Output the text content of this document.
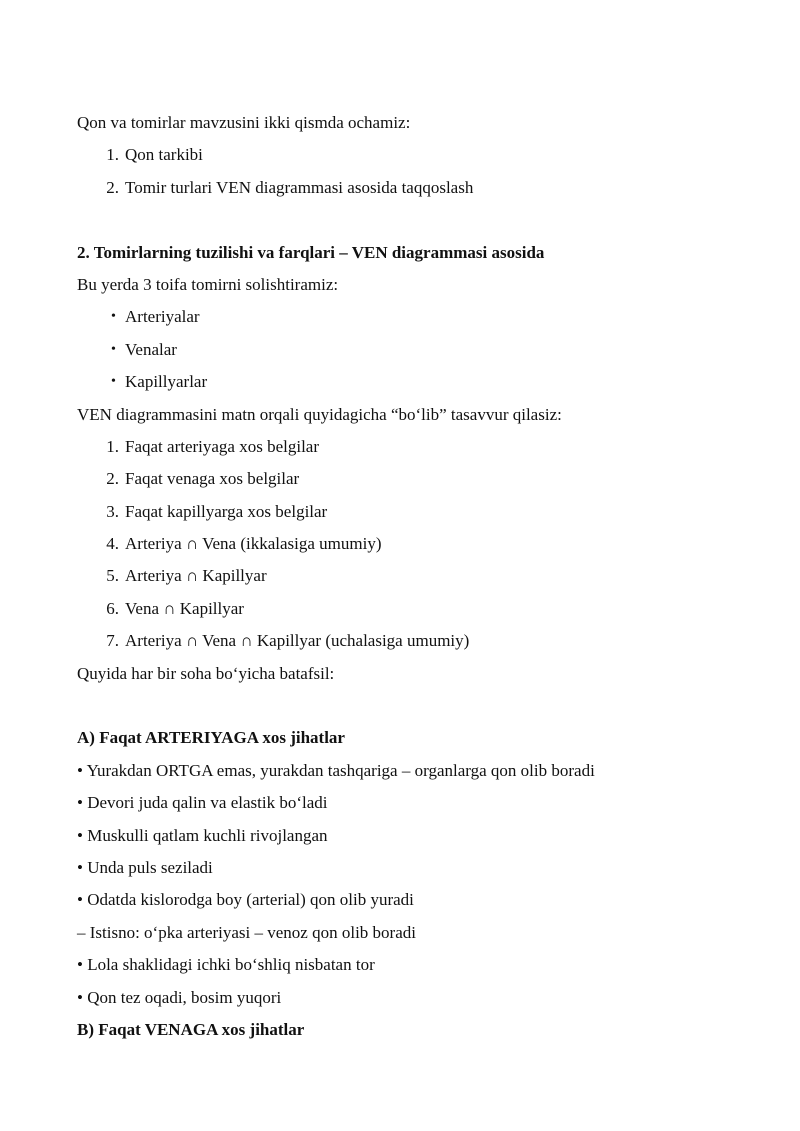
Qon va tomirlar mavzusini ikki qismda ochamiz:
1. Qon tarkibi
2. Tomir turlari VEN diagrammasi asosida taqqoslash
2. Tomirlarning tuzilishi va farqlari – VEN diagrammasi asosida
Bu yerda 3 toifa tomirni solishtiramiz:
• Arteriyalar
• Venalar
• Kapillyarlar
VEN diagrammasini matn orqali quyidagicha “bo‘lib” tasavvur qilasiz:
1. Faqat arteriyaga xos belgilar
2. Faqat venaga xos belgilar
3. Faqat kapillyarga xos belgilar
4. Arteriya ∩ Vena (ikkalasiga umumiy)
5. Arteriya ∩ Kapillyar
6. Vena ∩ Kapillyar
7. Arteriya ∩ Vena ∩ Kapillyar (uchalasiga umumiy)
Quyida har bir soha bo‘yicha batafsil:
A) Faqat ARTERIYAGA xos jihatlar
• Yurakdan ORTGA emas, yurakdan tashqariga – organlarga qon olib boradi
• Devori juda qalin va elastik bo‘ladi
• Muskulli qatlam kuchli rivojlangan
• Unda puls seziladi
• Odatda kislorodga boy (arterial) qon olib yuradi
– Istisno: o‘pka arteriyasi – venoz qon olib boradi
• Lola shaklidagi ichki bo‘shliq nisbatan tor
• Qon tez oqadi, bosim yuqori
B) Faqat VENAGA xos jihatlar
